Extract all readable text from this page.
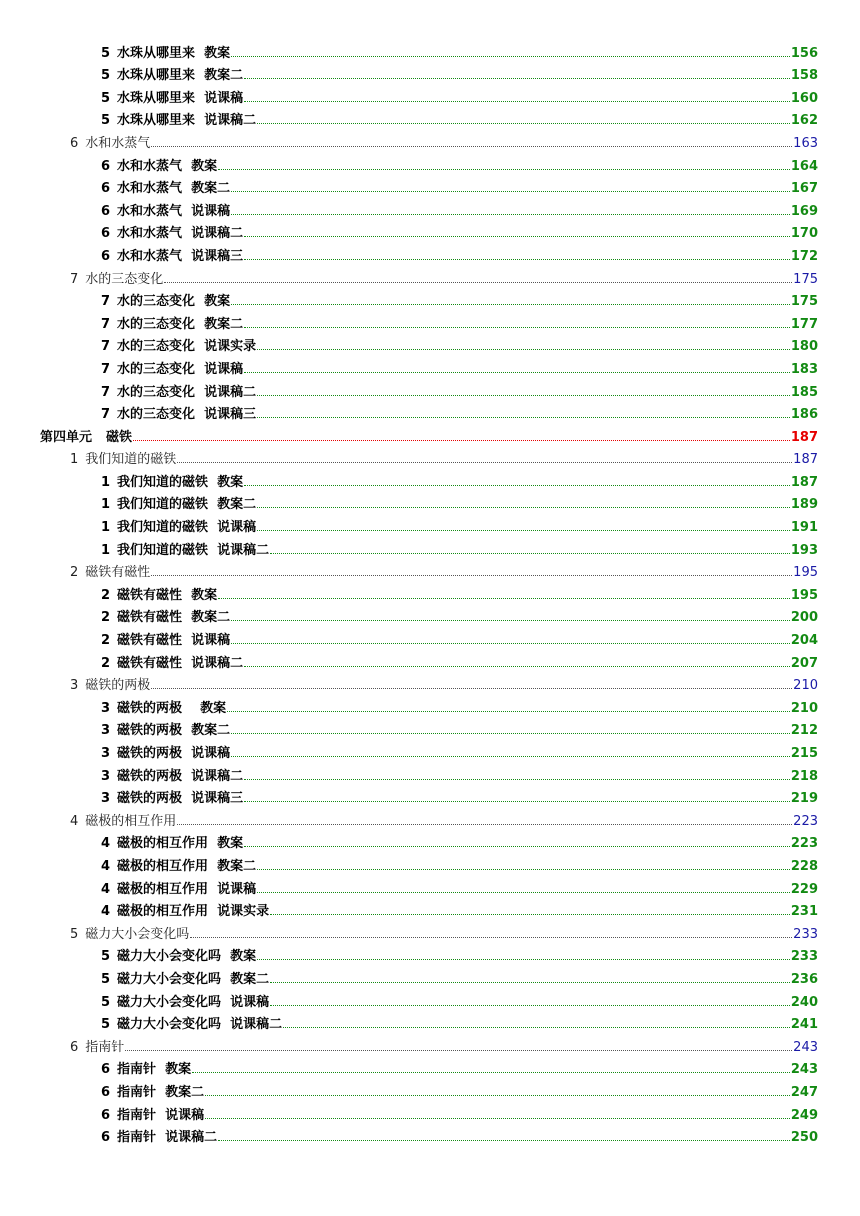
5 水珠从哪里来  教案	156
5 水珠从哪里来  教案二	158
5 水珠从哪里来  说课稿	160
5 水珠从哪里来  说课稿二	162
6 水和水蒸气	163
6 水和水蒸气  教案	164
6 水和水蒸气  教案二	167
6 水和水蒸气  说课稿	169
6 水和水蒸气  说课稿二	170
6 水和水蒸气  说课稿三	172
7 水的三态变化	175
7 水的三态变化  教案	175
7 水的三态变化  教案二	177
7 水的三态变化  说课实录	180
7 水的三态变化  说课稿	183
7 水的三态变化  说课稿二	185
7 水的三态变化  说课稿三	186
第四单元 磁铁	187
1 我们知道的磁铁	187
1 我们知道的磁铁  教案	187
1 我们知道的磁铁  教案二	189
1 我们知道的磁铁  说课稿	191
1 我们知道的磁铁  说课稿二	193
2 磁铁有磁性	195
2 磁铁有磁性  教案	195
2 磁铁有磁性  教案二	200
2 磁铁有磁性  说课稿	204
2 磁铁有磁性  说课稿二	207
3 磁铁的两极	210
3 磁铁的两极    教案	210
3 磁铁的两极  教案二	212
3 磁铁的两极  说课稿	215
3 磁铁的两极  说课稿二	218
3 磁铁的两极  说课稿三	219
4 磁极的相互作用	223
4 磁极的相互作用  教案	223
4 磁极的相互作用  教案二	228
4 磁极的相互作用  说课稿	229
4 磁极的相互作用  说课实录	231
5 磁力大小会变化吗	233
5 磁力大小会变化吗  教案	233
5 磁力大小会变化吗  教案二	236
5 磁力大小会变化吗  说课稿	240
5 磁力大小会变化吗  说课稿二	241
6 指南针	243
6 指南针  教案	243
6 指南针  教案二	247
6 指南针  说课稿	249
6 指南针  说课稿二	250
